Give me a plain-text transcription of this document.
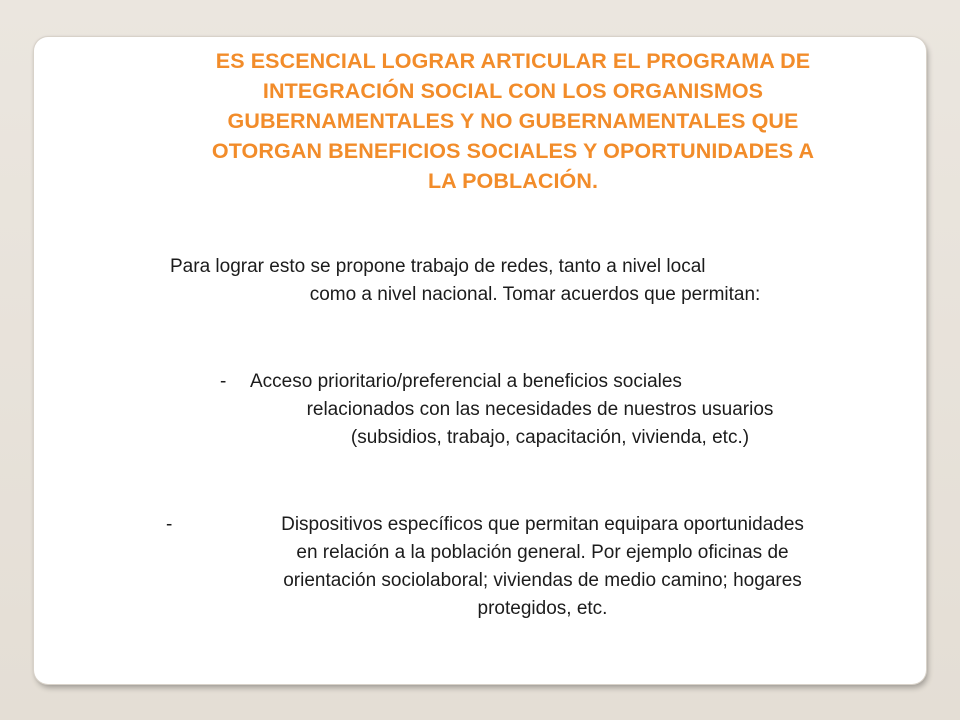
ES ESCENCIAL LOGRAR ARTICULAR EL PROGRAMA DE
INTEGRACIÓN SOCIAL CON LOS ORGANISMOS
GUBERNAMENTALES Y NO GUBERNAMENTALES QUE
OTORGAN BENEFICIOS SOCIALES Y OPORTUNIDADES A
LA POBLACIÓN.

Para lograr esto se propone trabajo de redes, tanto a nivel local
como a nivel nacional. Tomar acuerdos que permitan:

-	Acceso prioritario/preferencial a beneficios sociales
relacionados con las necesidades de nuestros usuarios
(subsidios, trabajo, capacitación, vivienda, etc.)

-	Dispositivos específicos que permitan equipara oportunidades
en relación a la población general. Por ejemplo oficinas de
orientación sociolaboral; viviendas de medio camino; hogares
protegidos, etc.
